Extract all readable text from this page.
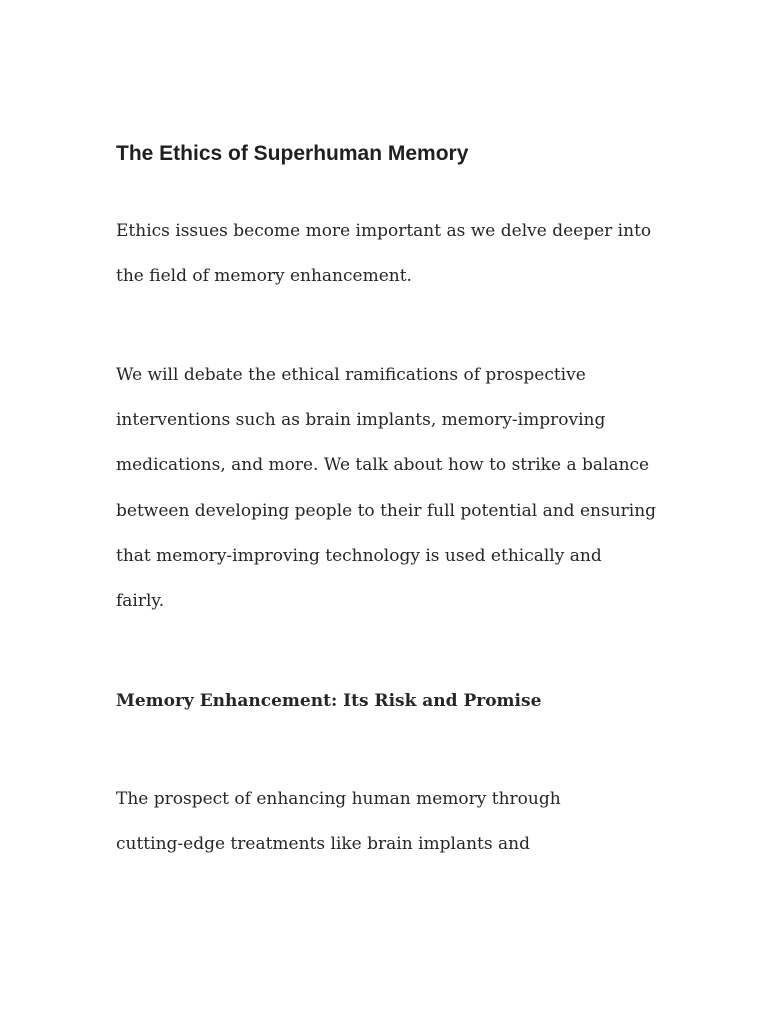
The Ethics of Superhuman Memory

Ethics issues become more important as we delve deeper into
the field of memory enhancement.

We will debate the ethical ramifications of prospective
interventions such as brain implants, memory-improving
medications, and more. We talk about how to strike a balance
between developing people to their full potential and ensuring
that memory-improving technology is used ethically and
fairly.

Memory Enhancement: Its Risk and Promise

The prospect of enhancing human memory through
cutting-edge treatments like brain implants and
